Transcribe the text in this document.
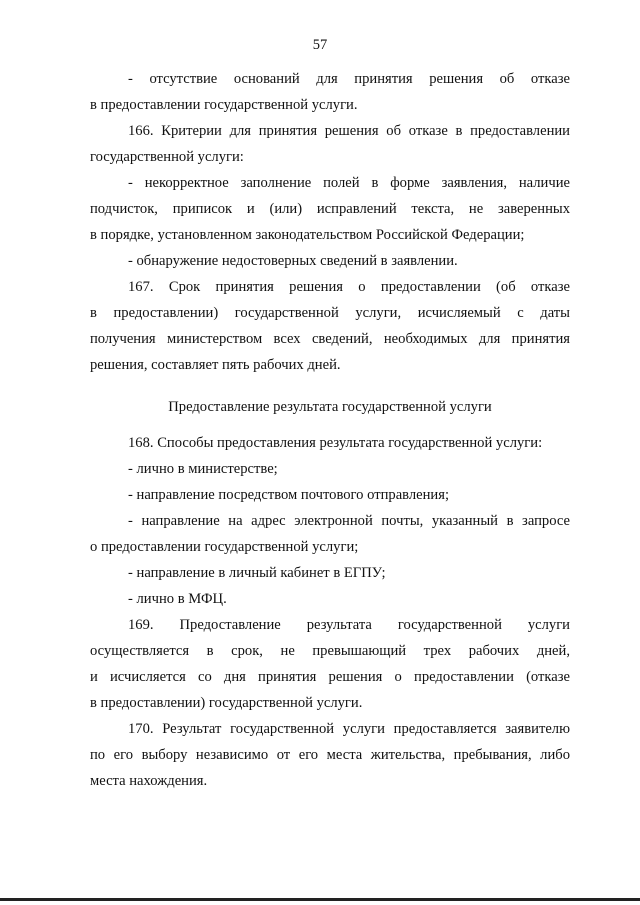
57

- отсутствие оснований для принятия решения об отказе

в предоставлении государственной услуги.

166. Критерии для принятия решения об отказе в предоставлении

государственной услуги:

- некорректное заполнение полей в форме заявления, наличие

подчисток, приписок и (или) исправлений текста, не заверенных

в порядке, установленном законодательством Российской Федерации;

- обнаружение недостоверных сведений в заявлении.

167. Срок принятия решения о предоставлении (об отказе

в предоставлении) государственной услуги, исчисляемый с даты

получения министерством всех сведений, необходимых для принятия

решения, составляет пять рабочих дней.

Предоставление результата государственной услуги

168. Способы предоставления результата государственной услуги:

- лично в министерстве;

- направление посредством почтового отправления;

- направление на адрес электронной почты, указанный в запросе

о предоставлении государственной услуги;

- направление в личный кабинет в ЕГПУ;

- лично в МФЦ.

169. Предоставление результата государственной услуги

осуществляется в срок, не превышающий трех рабочих дней,

и исчисляется со дня принятия решения о предоставлении (отказе

в предоставлении) государственной услуги.

170. Результат государственной услуги предоставляется заявителю

по его выбору независимо от его места жительства, пребывания, либо

места нахождения.
